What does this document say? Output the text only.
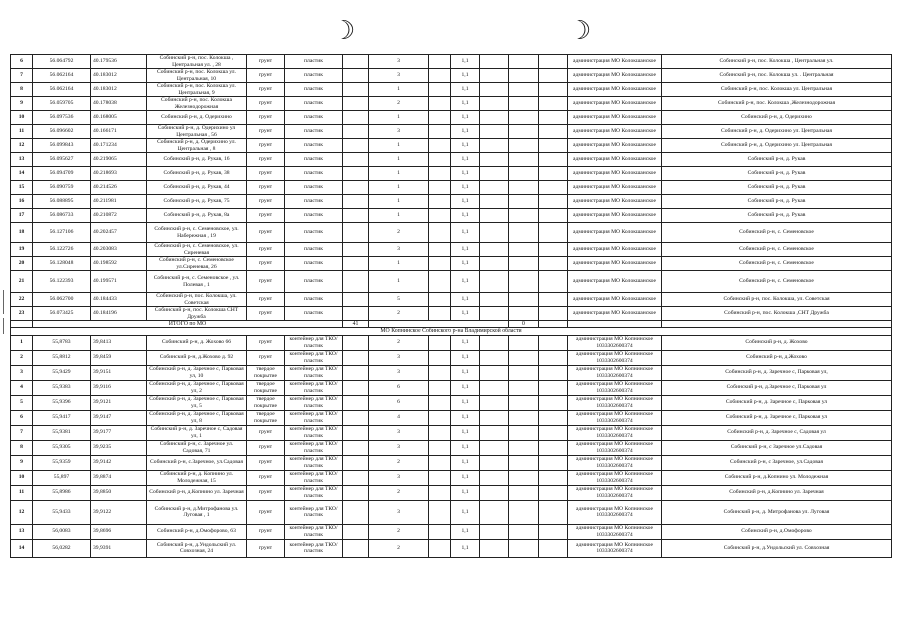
☽	☽
6	56.064792	40.179536	Собинский р-н, пос. Колокша , Центральная ул. , 28	грунт	пластик		3		1,1				администрация МО Колокшанское	Собинский р-н, пос. Колокша , Центральная ул.
7	56.062164	40.183012	Собинский р-н, пос. Колокша ул. Центральная, 10	грунт	пластик		3		1,1				администрация МО Колокшанское	Собинский р-н, пос. Колокша ул. . Центральная
8	56.062164	40.183012	Собинский р-н, пос. Колокша ул. Центральная, 9	грунт	пластик		1		1,1				администрация МО Колокшанское	Собинский р-н, пос. Колокша ул. Центральная
9	56.059705	40.178038	Собинский р-н, пос. Колокша Железнодорожная	грунт	пластик		2		1,1				администрация МО Колокшанское	Собинский р-н, пос. Колокша ,Железнодорожная
10	56.097536	40.168005	Собинский р-н, д. Одерихино	грунт	пластик		1		1,1				администрация МО Колокшанское	Собинский р-н, д. Одерихино
11	56.096602	40.166171	Собинский р-н, д. Одерихино ул Центральная , 56	грунт	пластик		3		1,1				администрация МО Колокшанское	Собинский р-н, д. Одерихино ул. Центральная
12	56.099843	40.171234	Собинский р-н, д. Одерихино ул. Центральная , 8	грунт	пластик		1		1,1				администрация МО Колокшанское	Собинский р-н, д. Одерихино ул. Центральная
13	56.095627	40.219065	Собинский р-н, д. Рукав, 16	грунт	пластик		1		1,1				администрация МО Колокшанское	Собинский р-н, д. Рукав
14	56.094709	40.218693	Собинский р-н, д. Рукав, 38	грунт	пластик		1		1,1				администрация МО Колокшанское	Собинский р-н, д. Рукав
15	56.090759	40.214526	Собинский р-н, д. Рукав, 44	грунт	пластик		1		1,1				администрация МО Колокшанское	Собинский р-н, д. Рукав
16	56.088895	40.211981	Собинский р-н, д. Рукав, 75	грунт	пластик		1		1,1				администрация МО Колокшанское	Собинский р-н, д. Рукав
17	56.086733	40.210872	Собинский р-н, д. Рукав, 8а	грунт	пластик		1		1,1				администрация МО Колокшанское	Собинский р-н, д. Рукав
18	56.127106	40.202457	Собинский р-н, с. Семеновское, ул. Набережная , 19	грунт	пластик		2		1,1				администрация МО Колокшанское	Собинский р-н, с. Семеновское
19	56.122726	40.203083	Собинский р-н, с. Семеновское, ул. Сиреневая	грунт	пластик		3		1,1				администрация МО Колокшанское	Собинский р-н, с. Семеновское
20	56.128048	40.198592	Собинский р-н, с. Семеновское ул.Сиреневая, 26	грунт	пластик		1		1,1				администрация МО Колокшанское	Собинский р-н, с. Семеновское
21	56.122393	40.199571	Собинский р-н, с. Семеновское , ул. Полевая , 1	грунт	пластик		1		1,1				администрация МО Колокшанское	Собинский р-н, с. Семеновское
22	56.062700	40.184433	Собинский р-н, пос. Колокша, ул. Советская	грунт	пластик		5		1,1				администрация МО Колокшанское	Собинский р-н, пос. Колокша, ул. Советская
23	56.073425	40.184196	Собинский р-н, пос. Колокша СНТ Дружба	грунт	пластик		2		1,1				администрация МО Колокшанское	Собинский р-н, пос. Колокша ,СНТ Дружба
	ИТОГО по МО					41					0			
МО Копнинское Собинского р-на Владимирской области														
1	55,8783	39,8413	Собинский р-н, д. Жохово 66	грунт	контейнер для ТКО/пластик		2		1,1				администрация МО Копнинское 1033302600374	Собинский р-н, д. Жохово
2	55,8812	39,8459	Собинский р-н, д.Жохово д. 92	грунт	контейнер для ТКО/пластик		3		1,1				администрация МО Копнинское 1033302600374	Собинский р-н, д.Жохово
3	55,9429	39,9151	Собинский р-н, д. Заречное с, Парковая ул, 10	твердое покрытие	контейнер для ТКО/пластик		3		1,1				администрация МО Копнинское 1033302600374	Собинский р-н, д. Заречное с, Парковая ул,
4	55,9383	39,9116	Собинский р-н, д. Заречное с, Парковая ул, 2	твердое покрытие	контейнер для ТКО/пластик		6		1,1				администрация МО Копнинское 1033302600374	Собинский р-н, д.Заречное с, Парковая ул
5	55,9396	39,9121	Собинский р-н, д. Заречное с, Парковая ул, 5	твердое покрытие	контейнер для ТКО/пластик		6		1,1				администрация МО Копнинское 1033302600374	Собинский р-н, д. Заречное с, Парковая ул
6	55,9417	39,9147	Собинский р-н, д. Заречное с, Парковая ул, 8	твердое покрытие	контейнер для ТКО/пластик		4		1,1				администрация МО Копнинское 1033302600374	Собинский р-н, д. Заречное с, Парковая ул
7	55,9381	39,9177	Собинский р-н, д. Заречное с, Садовая ул, 1	грунт	контейнер для ТКО/пластик		3		1,1				администрация МО Копнинское 1033302600374	Собинский р-н, д. Заречное с, Садовая ул
8	55,9305	39,9235	Собинский р-н, с. Заречное ул. Садовая, 71	грунт	контейнер для ТКО/пластик		3		1,1				администрация МО Копнинское 1033302600374	Собинский р-н, с Заречное ул.Садовая
9	55,9359	39,9142	Собинский р-н, с.Заречное, ул.Садовая	грунт	контейнер для ТКО/пластик		2		1,1				администрация МО Копнинское 1033302600374	Собинский р-н, с Заречное, ул.Садовая
10	55,897	39,8874	Собинский р-н, д. Копнино ул. Молодежная, 15	грунт	контейнер для ТКО/пластик		3		1,1				администрация МО Копнинское 1033302600374	Собинский р-н, д.Копнино ул. Молодежная
11	55,8986	39,8850	Собинский р-н, д.Копнино ул. Заречная	грунт	контейнер для ТКО/пластик		2		1,1				администрация МО Копнинское 1033302600374	Собинский р-н, д.Копнино ул. Заречная
12	55,9433	39,9122	Собинский р-н, д.Митрофанова ул. Луговая , 1	грунт	контейнер для ТКО/пластик		3		1,1				администрация МО Копнинское 1033302600374	Собинский р-н, д. Митрофанова ул. Луговая
13	56,0083	39,8696	Собинский р-н, д.Омофорово, 63	грунт	контейнер для ТКО/пластик		2		1,1				администрация МО Копнинское 1033302600374	Собинский р-н, д.Омофорово
14	56,0282	39,9391	Собинский р-н, д.Ундольский ул. Совхозная, 24	грунт	контейнер для ТКО/пластик		2		1,1				администрация МО Копнинское 1033302600374	Собинский р-н, д.Ундольский ул. Совхозная
